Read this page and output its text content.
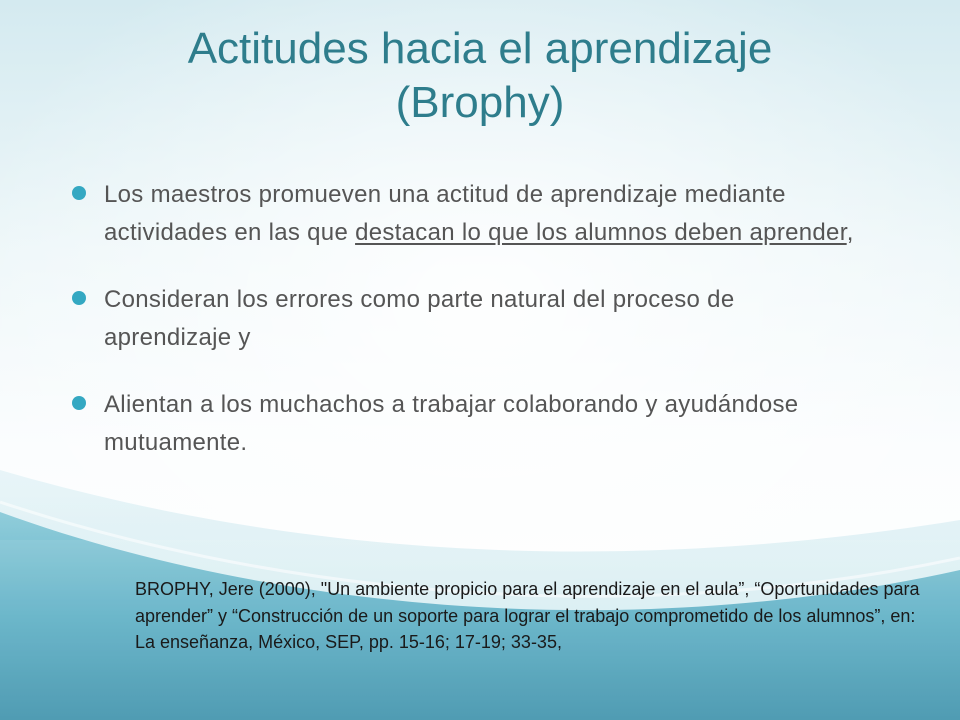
Actitudes hacia el aprendizaje
(Brophy)
Los maestros promueven una actitud de aprendizaje mediante actividades en las que destacan lo que los alumnos deben aprender,
Consideran los errores como parte natural del proceso de aprendizaje y
Alientan a los muchachos a trabajar colaborando y ayudándose mutuamente.

BROPHY, Jere (2000), "Un ambiente propicio para el aprendizaje en el aula”, “Oportunidades para aprender” y “Construcción de un soporte para lograr el trabajo comprometido de los alumnos”, en: La enseñanza, México, SEP, pp. 15-16; 17-19; 33-35,
